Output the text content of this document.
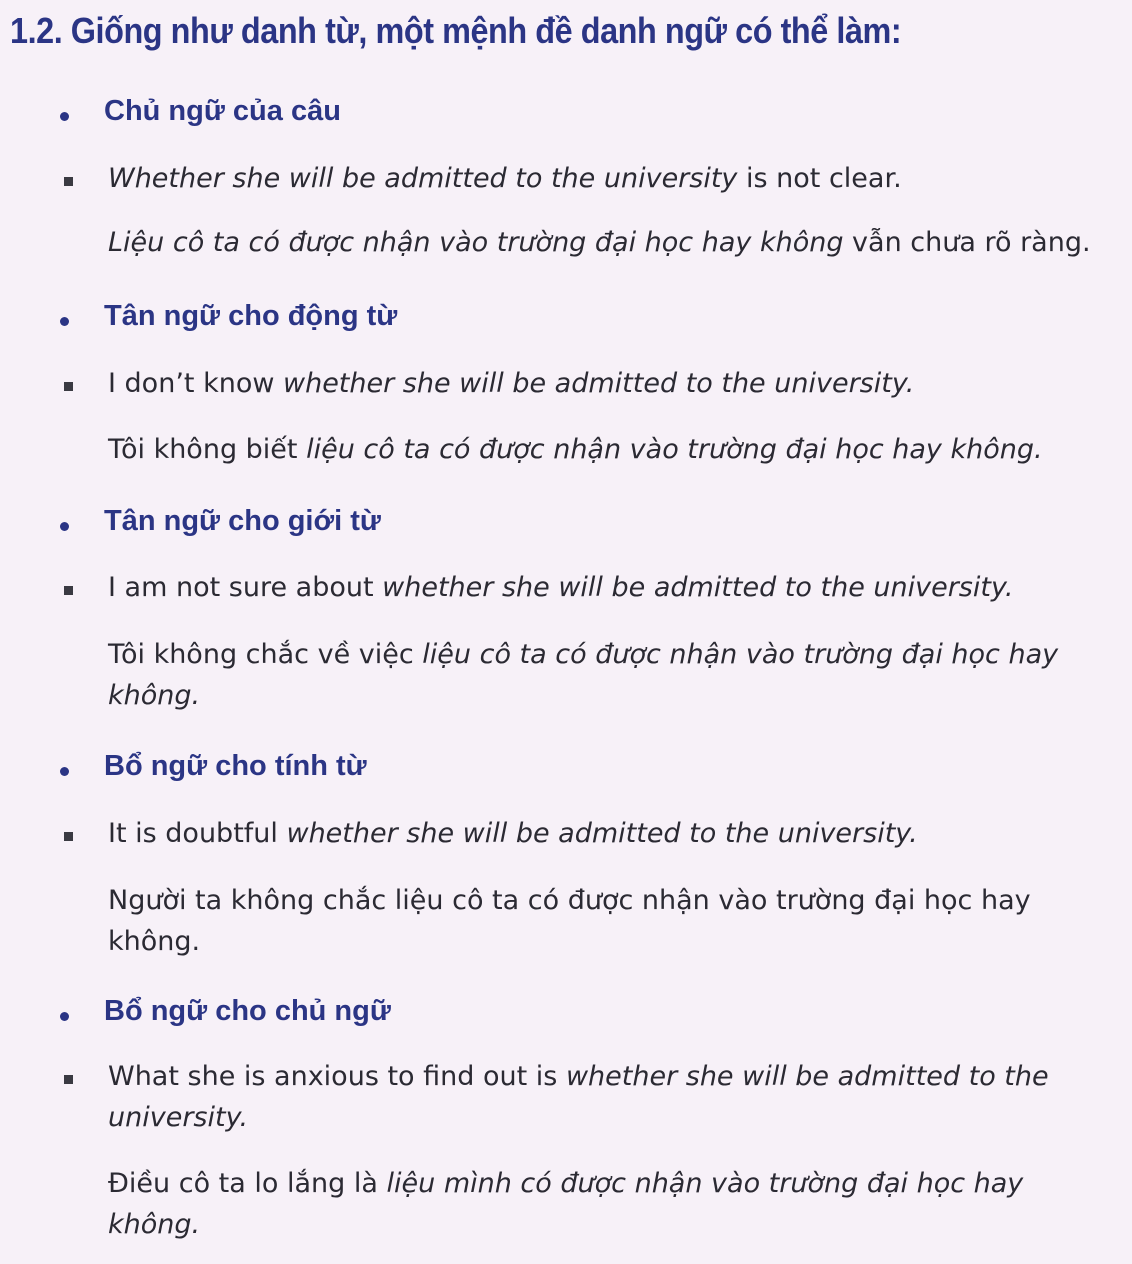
1.2. Giống như danh từ, một mệnh đề danh ngữ có thể làm:
Chủ ngữ của câu
Whether she will be admitted to the university is not clear.
Liệu cô ta có được nhận vào trường đại học hay không vẫn chưa rõ ràng.
Tân ngữ cho động từ
I don’t know whether she will be admitted to the university.
Tôi không biết liệu cô ta có được nhận vào trường đại học hay không.
Tân ngữ cho giới từ
I am not sure about whether she will be admitted to the university.
Tôi không chắc về việc liệu cô ta có được nhận vào trường đại học hay không.
Bổ ngữ cho tính từ
It is doubtful whether she will be admitted to the university.
Người ta không chắc liệu cô ta có được nhận vào trường đại học hay không.
Bổ ngữ cho chủ ngữ
What she is anxious to find out is whether she will be admitted to the university.
Điều cô ta lo lắng là liệu mình có được nhận vào trường đại học hay không.
